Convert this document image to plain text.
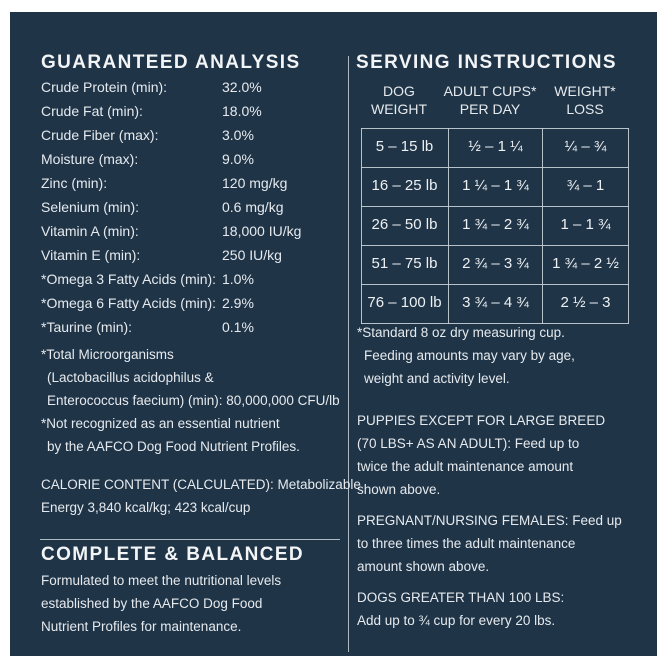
GUARANTEED ANALYSIS
Crude Protein (min):	32.0%
Crude Fat (min):	18.0%
Crude Fiber (max):	3.0%
Moisture (max):	9.0%
Zinc (min):	120 mg/kg
Selenium (min):	0.6 mg/kg
Vitamin A (min):	18,000 IU/kg
Vitamin E (min):	250 IU/kg
*Omega 3 Fatty Acids (min): 1.0%
*Omega 6 Fatty Acids (min): 2.9%
*Taurine (min):	0.1%
*Total Microorganisms
(Lactobacillus acidophilus &
Enterococcus faecium) (min): 80,000,000 CFU/lb
*Not recognized as an essential nutrient
by the AAFCO Dog Food Nutrient Profiles.
CALORIE CONTENT (CALCULATED): Metabolizable
Energy 3,840 kcal/kg; 423 kcal/cup
COMPLETE & BALANCED
Formulated to meet the nutritional levels
established by the AAFCO Dog Food
Nutrient Profiles for maintenance.
SERVING INSTRUCTIONS
DOG
WEIGHT
ADULT CUPS*
PER DAY
WEIGHT*
LOSS
5 – 15 lb	½ – 1 ¼	¼ – ¾
16 – 25 lb	1 ¼ – 1 ¾	¾ – 1
26 – 50 lb	1 ¾ – 2 ¾	1 – 1 ¾
51 – 75 lb	2 ¾ – 3 ¾	1 ¾ – 2 ½
76 – 100 lb	3 ¾ – 4 ¾	2 ½ – 3
*Standard 8 oz dry measuring cup.
Feeding amounts may vary by age,
weight and activity level.
PUPPIES EXCEPT FOR LARGE BREED
(70 LBS+ AS AN ADULT): Feed up to
twice the adult maintenance amount
shown above.
PREGNANT/NURSING FEMALES: Feed up
to three times the adult maintenance
amount shown above.
DOGS GREATER THAN 100 LBS:
Add up to ¾ cup for every 20 lbs.
